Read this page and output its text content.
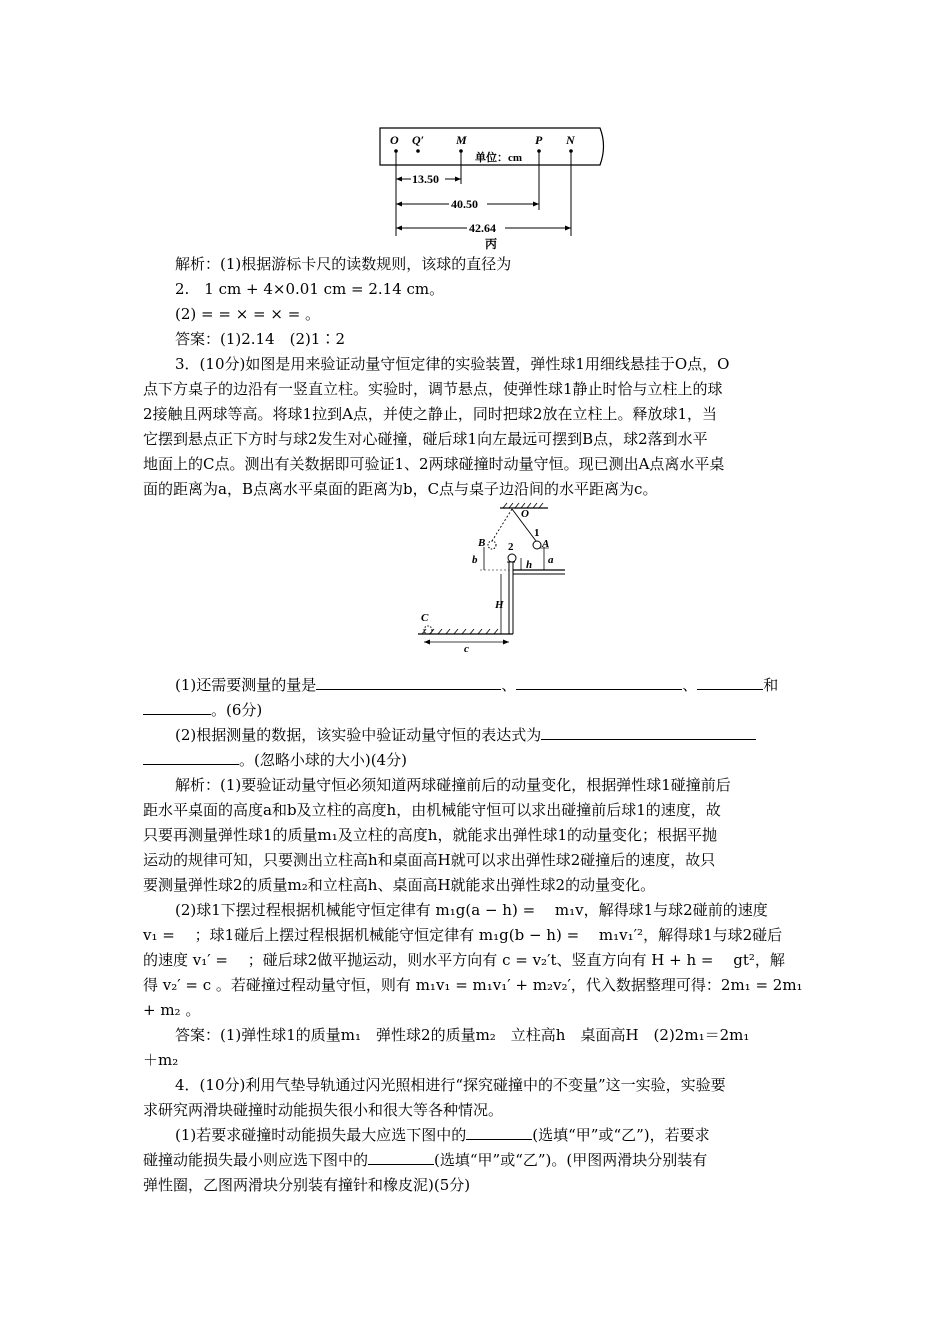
O Q′	M	P N
单位：cm
13.50
40.50
42.64
丙
解析：(1)根据游标卡尺的读数规则，该球的直径为
2.　1 cm + 4×0.01 cm = 2.14 cm。
(2) = = × = × = 。
答案：(1)2.14　(2)1∶2
3．(10分)如图是用来验证动量守恒定律的实验装置，弹性球1用细线悬挂于O点，O
点下方桌子的边沿有一竖直立柱。实验时，调节悬点，使弹性球1静止时恰与立柱上的球
2接触且两球等高。将球1拉到A点，并使之静止，同时把球2放在立柱上。释放球1，当
它摆到悬点正下方时与球2发生对心碰撞，碰后球1向左最远可摆到B点，球2落到水平
地面上的C点。测出有关数据即可验证1、2两球碰撞时动量守恒。现已测出A点离水平桌
面的距离为a，B点离水平桌面的距离为b，C点与桌子边沿间的水平距离为c。
O
1
A
B 2
a
b	h
H
C
c
(1)还需要测量的量是	、	、	和
。(6分)
(2)根据测量的数据，该实验中验证动量守恒的表达式为
。(忽略小球的大小)(4分)
解析：(1)要验证动量守恒必须知道两球碰撞前后的动量变化，根据弹性球1碰撞前后
距水平桌面的高度a和b及立柱的高度h，由机械能守恒可以求出碰撞前后球1的速度，故
只要再测量弹性球1的质量m₁及立柱的高度h，就能求出弹性球1的动量变化；根据平抛
运动的规律可知，只要测出立柱高h和桌面高H就可以求出弹性球2碰撞后的速度，故只
要测量弹性球2的质量m₂和立柱高h、桌面高H就能求出弹性球2的动量变化。
(2)球1下摆过程根据机械能守恒定律有 m₁g(a − h) = 　m₁v，解得球1与球2碰前的速度
v₁ = 　；球1碰后上摆过程根据机械能守恒定律有 m₁g(b − h) = 　m₁v₁′²，解得球1与球2碰后
的速度 v₁′ = 　；碰后球2做平抛运动，则水平方向有 c = v₂′t、竖直方向有 H + h = 　gt²，解
得 v₂′ = c 。若碰撞过程动量守恒，则有 m₁v₁ = m₁v₁′ + m₂v₂′，代入数据整理可得：2m₁ = 2m₁
+ m₂ 。
答案：(1)弹性球1的质量m₁　弹性球2的质量m₂　立柱高h　桌面高H　(2)2m₁＝2m₁
＋m₂
4．(10分)利用气垫导轨通过闪光照相进行“探究碰撞中的不变量”这一实验，实验要
求研究两滑块碰撞时动能损失很小和很大等各种情况。
(1)若要求碰撞时动能损失最大应选下图中的	(选填“甲”或“乙”)，若要求
碰撞动能损失最小则应选下图中的	(选填“甲”或“乙”)。(甲图两滑块分别装有
弹性圈，乙图两滑块分别装有撞针和橡皮泥)(5分)
